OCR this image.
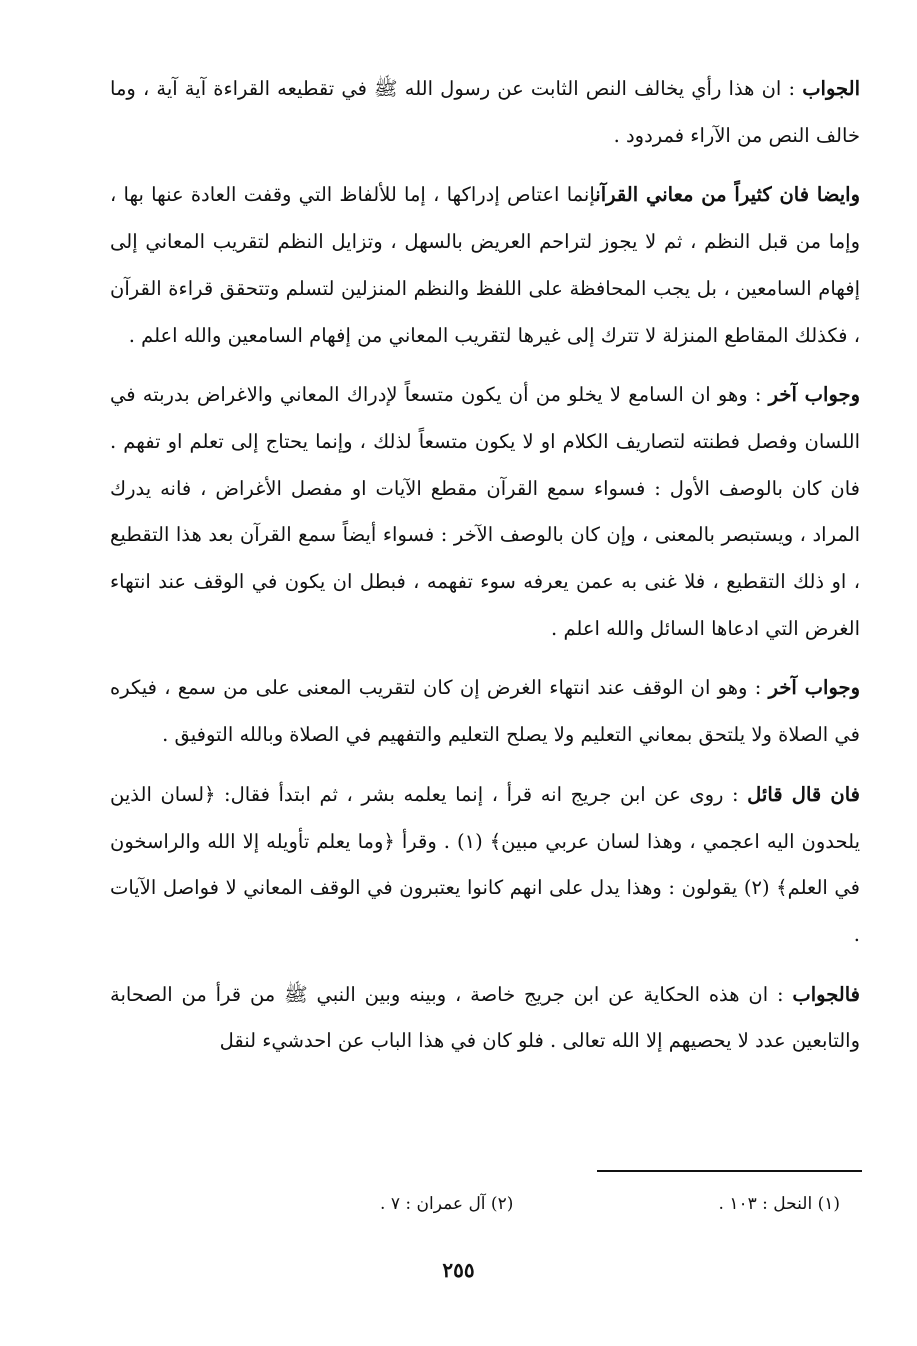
الجواب : ان هذا رأي يخالف النص الثابت عن رسول الله ﷺ في تقطيعه القراءة آية آية ، وما خالف النص من الآراء فمردود .

وايضا فان كثيراً من معاني القرآنإنما اعتاص إدراكها ، إما للألفاظ التي وقفت العادة عنها بها ، وإما من قبل النظم ، ثم لا يجوز لتراحم العريض بالسهل ، وتزايل النظم لتقريب المعاني إلى إفهام السامعين ، بل يجب المحافظة على اللفظ والنظم المنزلين لتسلم وتتحقق قراءة القرآن ، فكذلك المقاطع المنزلة لا تترك إلى غيرها لتقريب المعاني من إفهام السامعين والله اعلم .

وجواب آخر : وهو ان السامع لا يخلو من أن يكون متسعاً لإدراك المعاني والاغراض بدربته في اللسان وفصل فطنته لتصاريف الكلام او لا يكون متسعاً لذلك ، وإنما يحتاج إلى تعلم او تفهم . فان كان بالوصف الأول : فسواء سمع القرآن مقطع الآيات او مفصل الأغراض ، فانه يدرك المراد ، ويستبصر بالمعنى ، وإن كان بالوصف الآخر : فسواء أيضاً سمع القرآن بعد هذا التقطيع ، او ذلك التقطيع ، فلا غنى به عمن يعرفه سوء تفهمه ، فبطل ان يكون في الوقف عند انتهاء الغرض التي ادعاها السائل والله اعلم .

وجواب آخر : وهو ان الوقف عند انتهاء الغرض إن كان لتقريب المعنى على من سمع ، فيكره في الصلاة ولا يلتحق بمعاني التعليم ولا يصلح التعليم والتفهيم في الصلاة وبالله التوفيق .

فان قال قائل : روى عن ابن جريج انه قرأ ، إنما يعلمه بشر ، ثم ابتدأ فقال: ﴿لسان الذين يلحدون اليه اعجمي ، وهذا لسان عربي مبين﴾ (١) . وقرأ ﴿وما يعلم تأويله إلا الله والراسخون في العلم﴾ (٢) يقولون : وهذا يدل على انهم كانوا يعتبرون في الوقف المعاني لا فواصل الآيات .

فالجواب : ان هذه الحكاية عن ابن جريج خاصة ، وبينه وبين النبي ﷺ من قرأ من الصحابة والتابعين عدد لا يحصيهم إلا الله تعالى . فلو كان في هذا الباب عن احدشيء لنقل

(١) النحل : ١٠٣ .
(٢) آل عمران : ٧ .
٢٥٥
